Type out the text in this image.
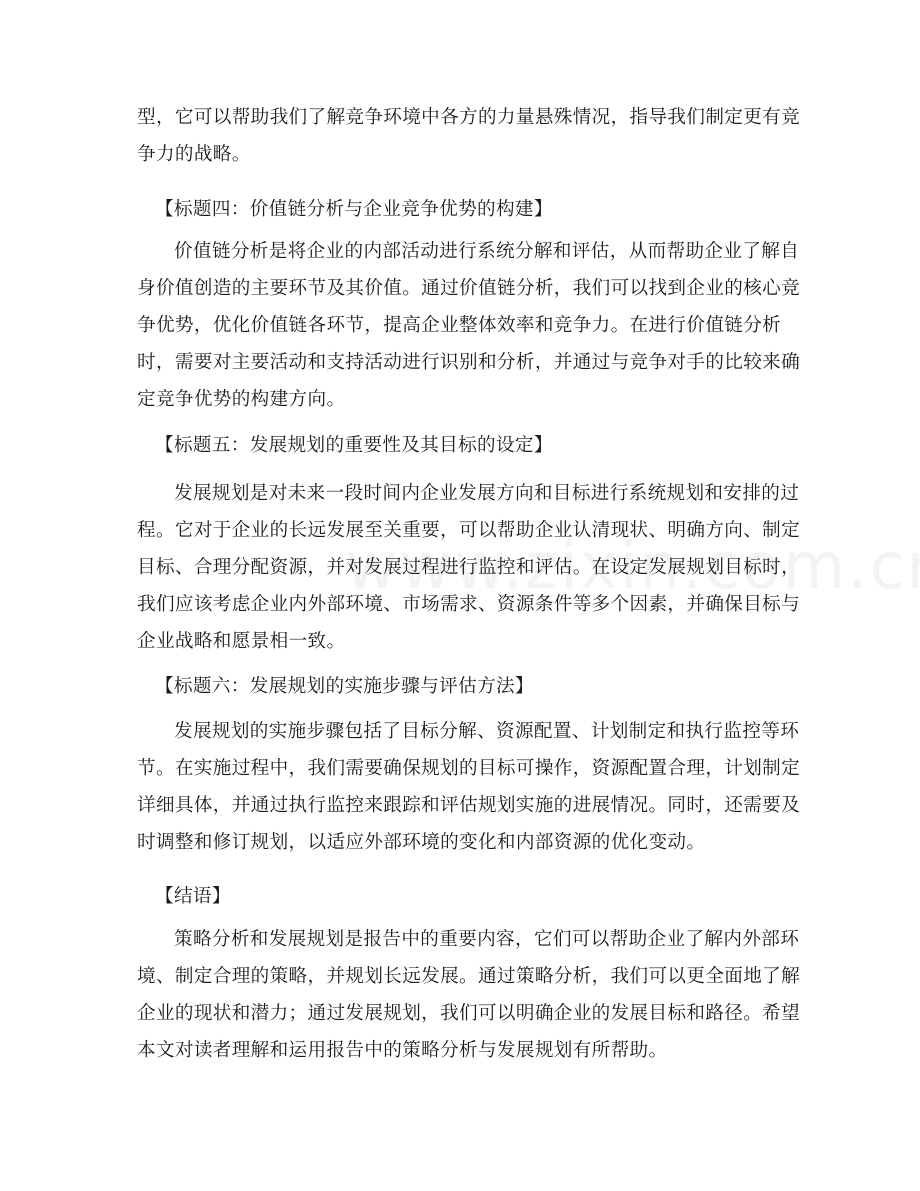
型，它可以帮助我们了解竞争环境中各方的力量悬殊情况，指导我们制定更有竞争力的战略。

【标题四：价值链分析与企业竞争优势的构建】

价值链分析是将企业的内部活动进行系统分解和评估，从而帮助企业了解自身价值创造的主要环节及其价值。通过价值链分析，我们可以找到企业的核心竞争优势，优化价值链各环节，提高企业整体效率和竞争力。在进行价值链分析时，需要对主要活动和支持活动进行识别和分析，并通过与竞争对手的比较来确定竞争优势的构建方向。

【标题五：发展规划的重要性及其目标的设定】

发展规划是对未来一段时间内企业发展方向和目标进行系统规划和安排的过程。它对于企业的长远发展至关重要，可以帮助企业认清现状、明确方向、制定目标、合理分配资源，并对发展过程进行监控和评估。在设定发展规划目标时，我们应该考虑企业内外部环境、市场需求、资源条件等多个因素，并确保目标与企业战略和愿景相一致。

【标题六：发展规划的实施步骤与评估方法】

发展规划的实施步骤包括了目标分解、资源配置、计划制定和执行监控等环节。在实施过程中，我们需要确保规划的目标可操作，资源配置合理，计划制定详细具体，并通过执行监控来跟踪和评估规划实施的进展情况。同时，还需要及时调整和修订规划，以适应外部环境的变化和内部资源的优化变动。

【结语】

策略分析和发展规划是报告中的重要内容，它们可以帮助企业了解内外部环境、制定合理的策略，并规划长远发展。通过策略分析，我们可以更全面地了解企业的现状和潜力；通过发展规划，我们可以明确企业的发展目标和路径。希望本文对读者理解和运用报告中的策略分析与发展规划有所帮助。
